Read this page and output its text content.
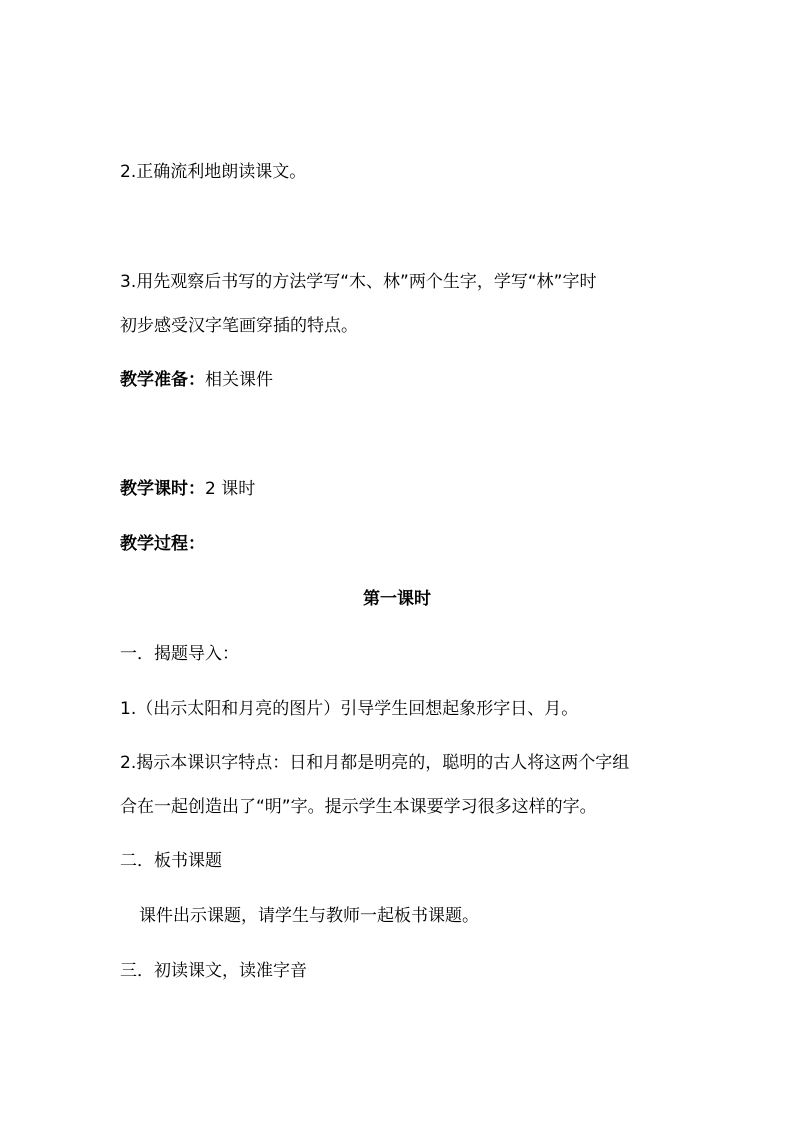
2.正确流利地朗读课文。
3.用先观察后书写的方法学写“木、林”两个生字，学写“林”字时
初步感受汉字笔画穿插的特点。
教学准备：相关课件
教学课时：2 课时
教学过程：
第一课时
一．揭题导入：
1.（出示太阳和月亮的图片）引导学生回想起象形字日、月。
2.揭示本课识字特点：日和月都是明亮的，聪明的古人将这两个字组
合在一起创造出了“明”字。提示学生本课要学习很多这样的字。
二．板书课题
课件出示课题，请学生与教师一起板书课题。
三．初读课文，读准字音
